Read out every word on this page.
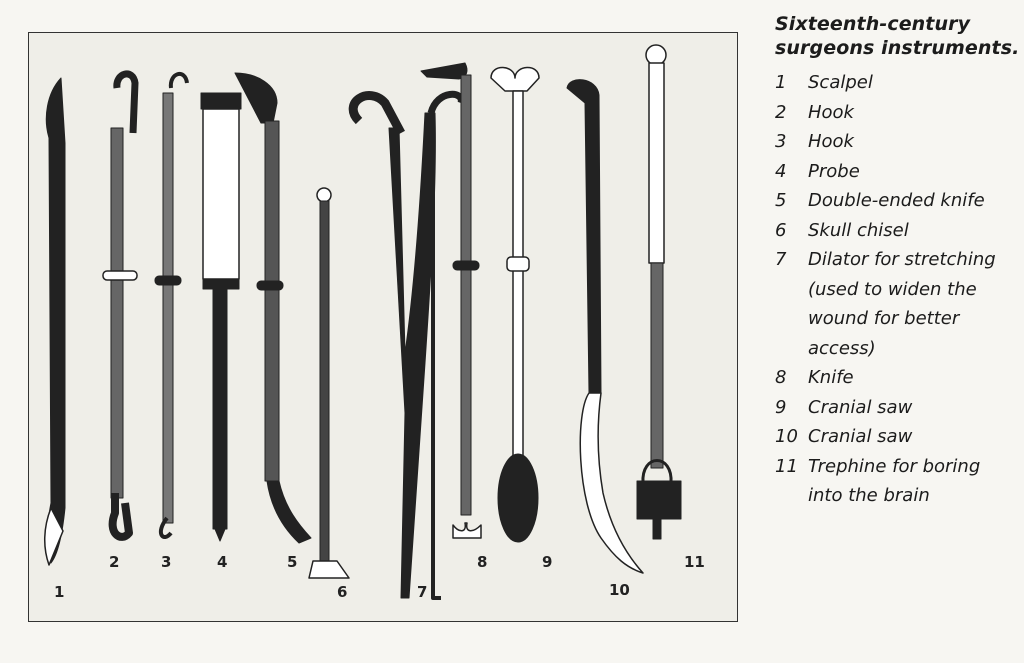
1
2	3	4	5
6	7
8	9
10
11
Sixteenth-century surgeons instruments.
1	Scalpel
2	Hook
3	Hook
4	Probe
5	Double-ended knife
6	Skull chisel
7	Dilator for stretching (used to widen the wound for better access)
8	Knife
9	Cranial saw
10 Cranial saw
11 Trephine for boring into the brain
